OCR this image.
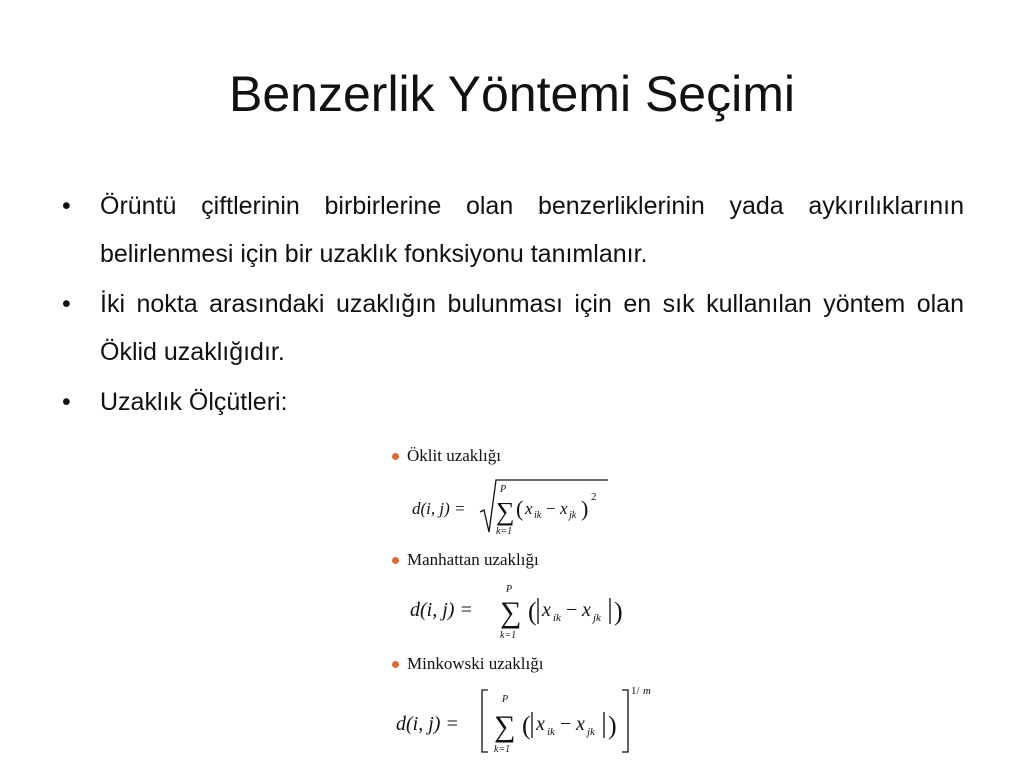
Benzerlik Yöntemi Seçimi
•	Örüntü çiftlerinin birbirlerine olan benzerliklerinin yada aykırılıklarının belirlenmesi için bir uzaklık fonksiyonu tanımlanır.
•	İki nokta arasındaki uzaklığın bulunması için en sık kullanılan yöntem olan Öklid uzaklığıdır.
•	Uzaklık Ölçütleri:
Öklit uzaklığı
d(i, j) =
P
∑
k=1
( x ik − x jk ) 2
Manhattan uzaklığı
d(i, j) =
P
∑
k=1
( x ik − x jk )
Minkowski uzaklığı
d(i, j) =
P
∑
k=1
( x ik − x jk )
1/ m
